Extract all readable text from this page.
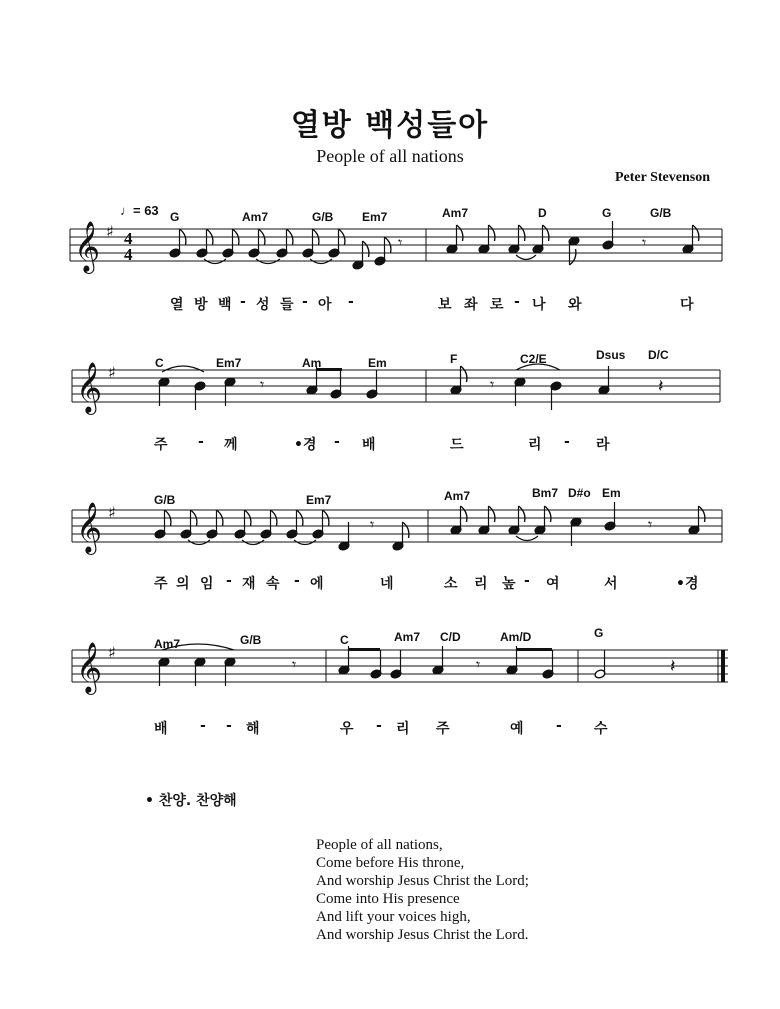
열방 백성들아
People of all nations
Peter Stevenson
♩= 63
𝄞 ♯ 4
4
𝄞 ♯
𝄞 ♯
𝄞 ♯
𝄾	𝄾
𝄾	𝄾	𝄽
𝄾	𝄾
𝄾	𝄾	𝄽
G	Am7	G/B Em7	Am7	D	G	G/B
열 방 백 - 성 들 - 아 -	보 좌 로 - 나 와	다
C	Em7	Am	Em	F	C2/E	Dsus D/C
주 - 께	•경 - 배	드	리 - 라
G/B	Em7	Am7	Bm7 D#o Em
주 의 임 - 재 속 - 에	네	소 리 높 - 여	서	•경
Am7	G/B	C	Am7 C/D	Am/D	G
배 - - 해	우 - 리 주	예 - 수
• 찬양. 찬양해
People of all nations,
Come before His throne,
And worship Jesus Christ the Lord;
Come into His presence
And lift your voices high,
And worship Jesus Christ the Lord.
